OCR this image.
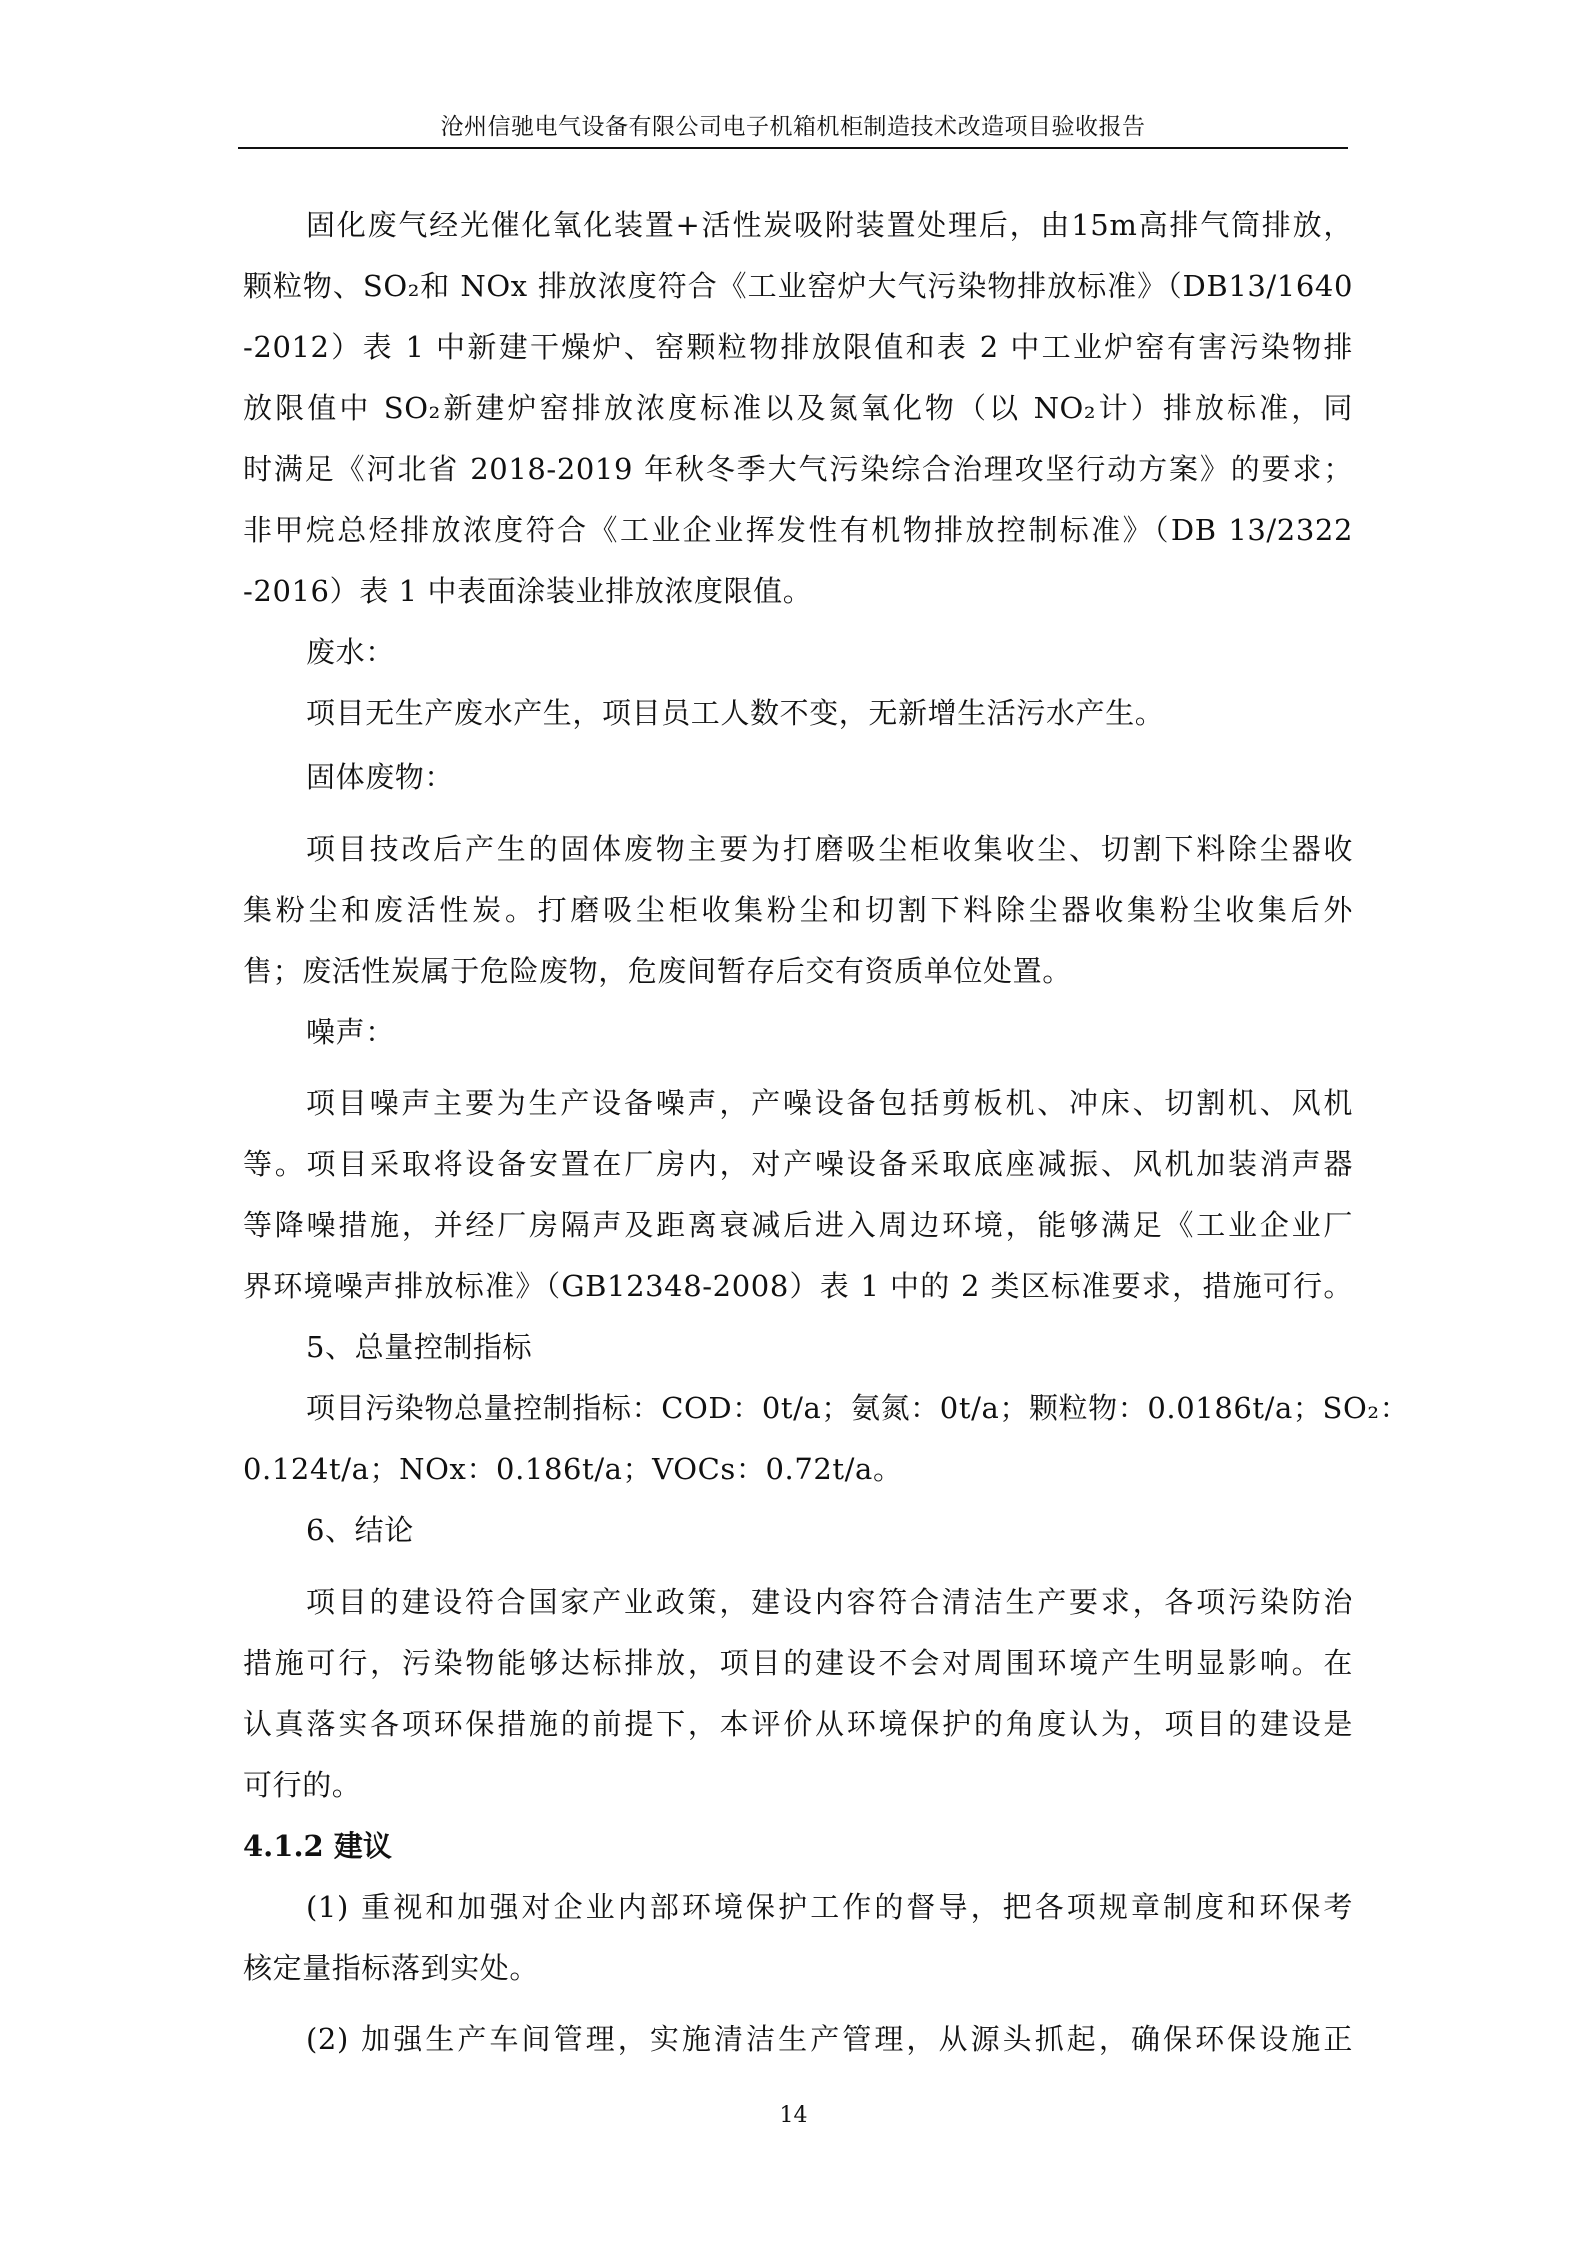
沧州信驰电气设备有限公司电子机箱机柜制造技术改造项目验收报告
固化废气经光催化氧化装置+活性炭吸附装置处理后，由15m高排气筒排放，
颗粒物、SO₂和 NOx 排放浓度符合《工业窑炉大气污染物排放标准》（DB13/1640
-2012）表 1 中新建干燥炉、窑颗粒物排放限值和表 2 中工业炉窑有害污染物排
放限值中 SO₂新建炉窑排放浓度标准以及氮氧化物（以 NO₂计）排放标准，同
时满足《河北省 2018-2019 年秋冬季大气污染综合治理攻坚行动方案》的要求；
非甲烷总烃排放浓度符合《工业企业挥发性有机物排放控制标准》（DB 13/2322
-2016）表 1 中表面涂装业排放浓度限值。
废水：
项目无生产废水产生，项目员工人数不变，无新增生活污水产生。
固体废物：
项目技改后产生的固体废物主要为打磨吸尘柜收集收尘、切割下料除尘器收
集粉尘和废活性炭。打磨吸尘柜收集粉尘和切割下料除尘器收集粉尘收集后外
售；废活性炭属于危险废物，危废间暂存后交有资质单位处置。
噪声：
项目噪声主要为生产设备噪声，产噪设备包括剪板机、冲床、切割机、风机
等。项目采取将设备安置在厂房内，对产噪设备采取底座减振、风机加装消声器
等降噪措施，并经厂房隔声及距离衰减后进入周边环境，能够满足《工业企业厂
界环境噪声排放标准》（GB12348-2008）表 1 中的 2 类区标准要求，措施可行。
5、总量控制指标
项目污染物总量控制指标：COD：0t/a；氨氮：0t/a；颗粒物：0.0186t/a；SO₂：
0.124t/a；NOx：0.186t/a；VOCs：0.72t/a。
6、结论
项目的建设符合国家产业政策，建设内容符合清洁生产要求，各项污染防治
措施可行，污染物能够达标排放，项目的建设不会对周围环境产生明显影响。在
认真落实各项环保措施的前提下，本评价从环境保护的角度认为，项目的建设是
可行的。
4.1.2 建议
(1) 重视和加强对企业内部环境保护工作的督导，把各项规章制度和环保考
核定量指标落到实处。
(2) 加强生产车间管理，实施清洁生产管理，从源头抓起，确保环保设施正
14
